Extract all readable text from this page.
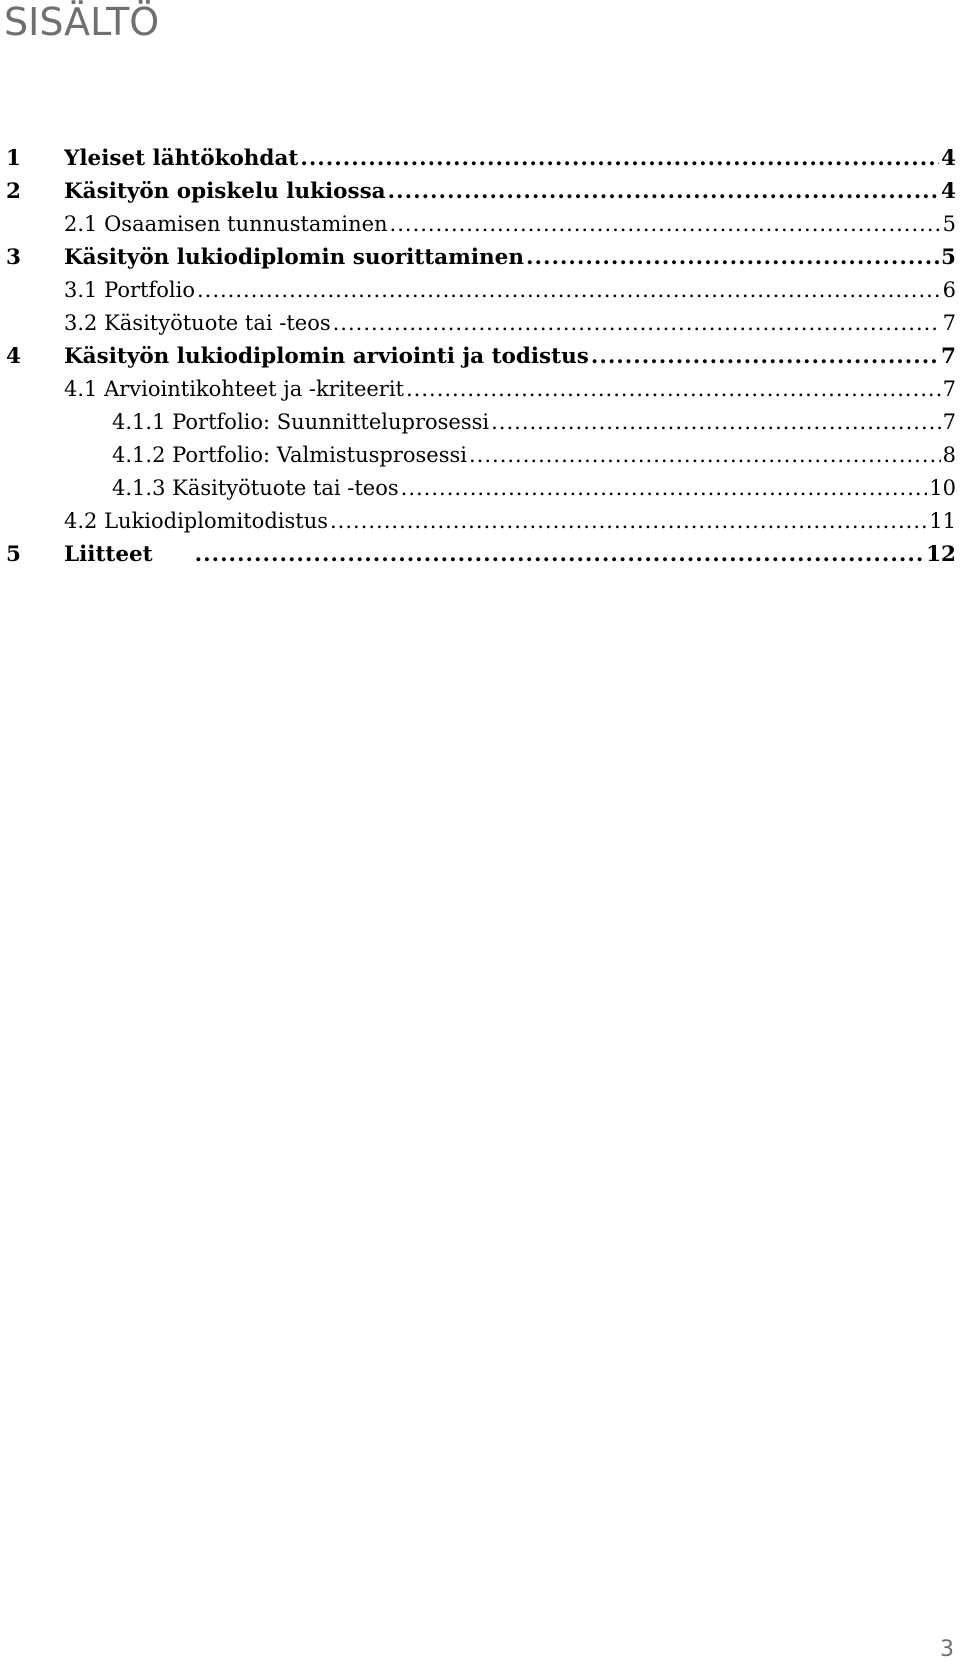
SISÄLTÖ
1 Yleiset lähtökohdat .....	4
2 Käsityön opiskelu lukiossa .....	4
2.1 Osaamisen tunnustaminen .....	5
3 Käsityön lukiodiplomin suorittaminen .....	5
3.1 Portfolio .....	6
3.2 Käsityötuote tai -teos .....	7
4 Käsityön lukiodiplomin arviointi ja todistus .....	7
4.1 Arviointikohteet ja -kriteerit .....	7
4.1.1 Portfolio: Suunnitteluprosessi .....	7
4.1.2 Portfolio: Valmistusprosessi .....	8
4.1.3 Käsityötuote tai -teos .....	10
4.2 Lukiodiplomitodistus .....	11
5 Liitteet .....	12
3
